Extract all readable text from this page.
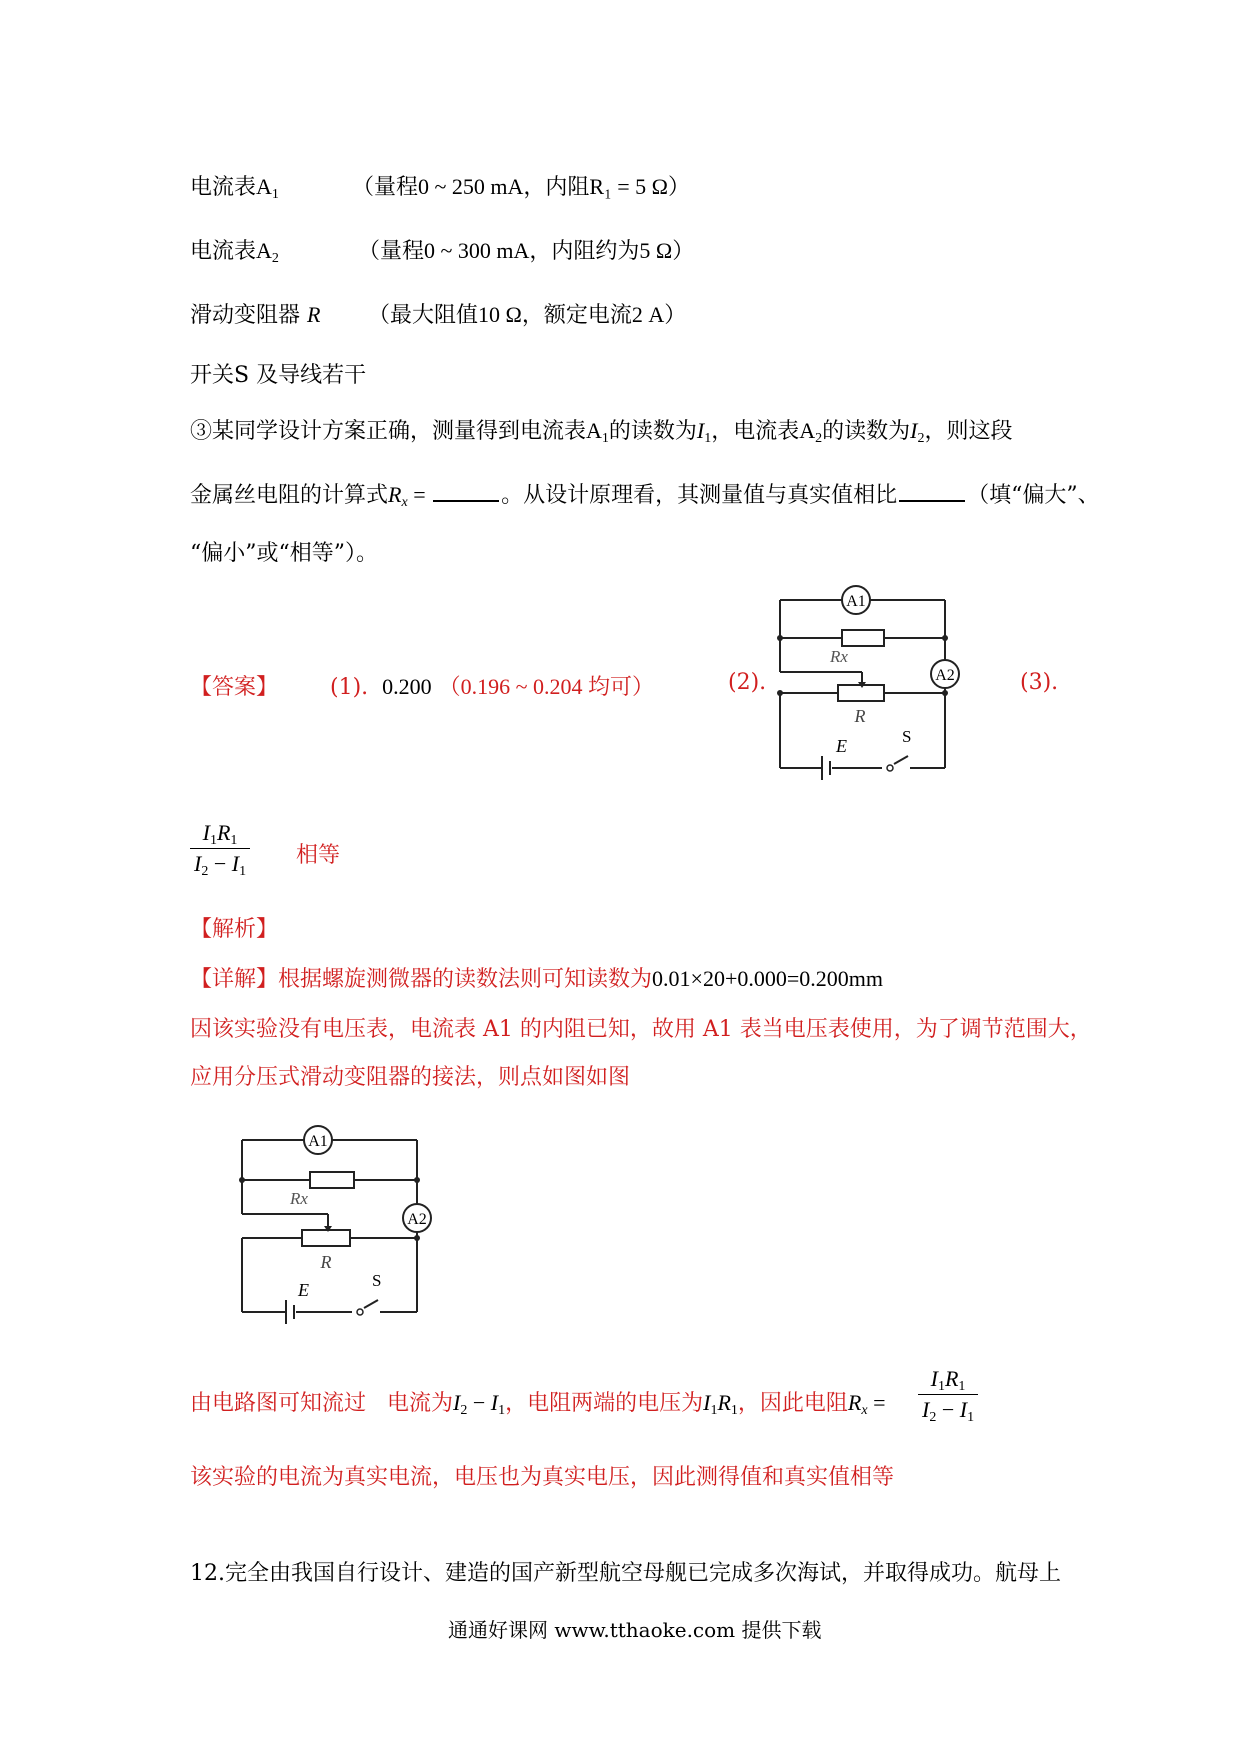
电流表$A_1$	（量程0 ~ 250 mA，内阻R₁ = 5 Ω）
电流表$A_2$	（量程0 ~ 300 mA，内阻约为5 Ω）
滑动变阻器 R （最大阻值10 Ω，额定电流2 A）
开关S 及导线若干
③某同学设计方案正确，测量得到电流表$A_1$的读数为$I_1$，电流表$A_2$的读数为$I_2$，则这段
金属丝电阻的计算式$R_x$ =	。从设计原理看，其测量值与真实值相比	（填“偏大”、
“偏小”或“相等”）。
【答案】 (1). 0.200 （0.196 ~ 0.204 均可）	(2).	(3).
A1
A2
Rx
R
E	S
$\frac{I_1R_1}{I_2 - I_1}$ 相等
【解析】
【详解】根据螺旋测微器的读数法则可知读数为0.01×20+0.000=0.200mm
因该实验没有电压表，电流表 A1 的内阻已知，故用 A1 表当电压表使用，为了调节范围大，
应用分压式滑动变阻器的接法，则点如图如图
A1
A2
Rx
R
E	S
由电路图可知流过 电流为$I_2 - I_1$，电阻两端的电压为$I_1R_1$，因此电阻$R_x = \frac{I_1R_1}{I_2 - I_1}$
该实验的电流为真实电流，电压也为真实电压，因此测得值和真实值相等
12.完全由我国自行设计、建造的国产新型航空母舰已完成多次海试，并取得成功。航母上
通通好课网 www.tthaoke.com 提供下载
